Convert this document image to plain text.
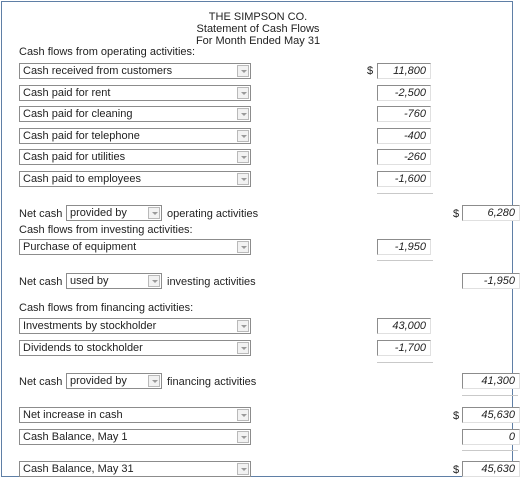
THE SIMPSON CO.
Statement of Cash Flows
For Month Ended May 31
Cash flows from operating activities:
Cash received from customers	$	11,800
Cash paid for rent	-2,500
Cash paid for cleaning	-760
Cash paid for telephone	-400
Cash paid for utilities	-260
Cash paid to employees	-1,600
Net cash provided by	operating activities	$	6,280
Cash flows from investing activities:
Purchase of equipment	-1,950
Net cash used by	investing activities	-1,950
Cash flows from financing activities:
Investments by stockholder	43,000
Dividends to stockholder	-1,700
Net cash provided by	financing activities	41,300
Net increase in cash	$	45,630
Cash Balance, May 1	0
Cash Balance, May 31	$	45,630
